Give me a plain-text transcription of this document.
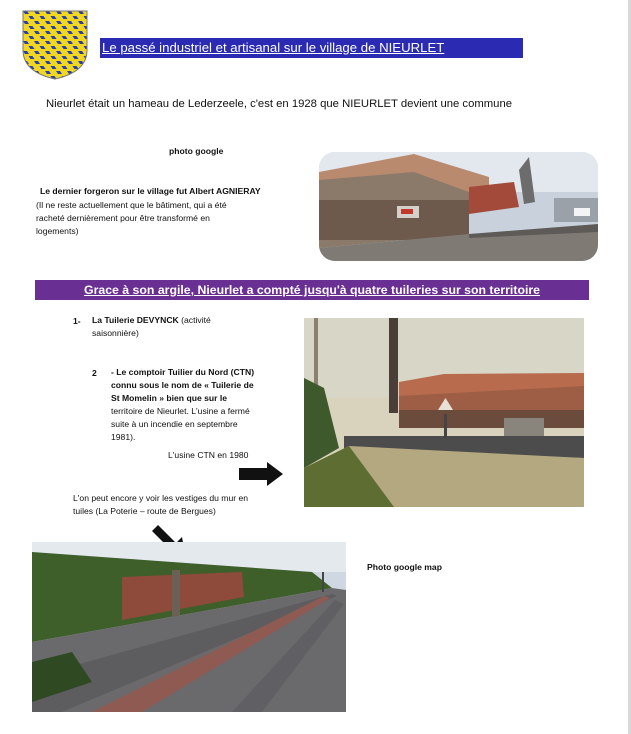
Le passé industriel et artisanal sur le village de NIEURLET
Nieurlet était un hameau de Lederzeele, c'est en 1928 que NIEURLET devient une commune
photo google
Le dernier forgeron sur le village fut Albert AGNIERAY
(Il ne reste actuellement que le bâtiment, qui a été
racheté dernièrement pour être transformé en
logements)
Grace à son argile, Nieurlet a compté jusqu'à quatre tuileries sur son territoire
1- La Tuilerie DEVYNCK (activité
saisonnière)
2 - Le comptoir Tuilier du Nord (CTN)
connu sous le nom de « Tuilerie de
St Momelin » bien que sur le
territoire de Nieurlet. L'usine a fermé
suite à un incendie en septembre
1981).
L'usine CTN en 1980
L'on peut encore y voir les vestiges du mur en
tuiles (La Poterie – route de Bergues)
Photo google map
